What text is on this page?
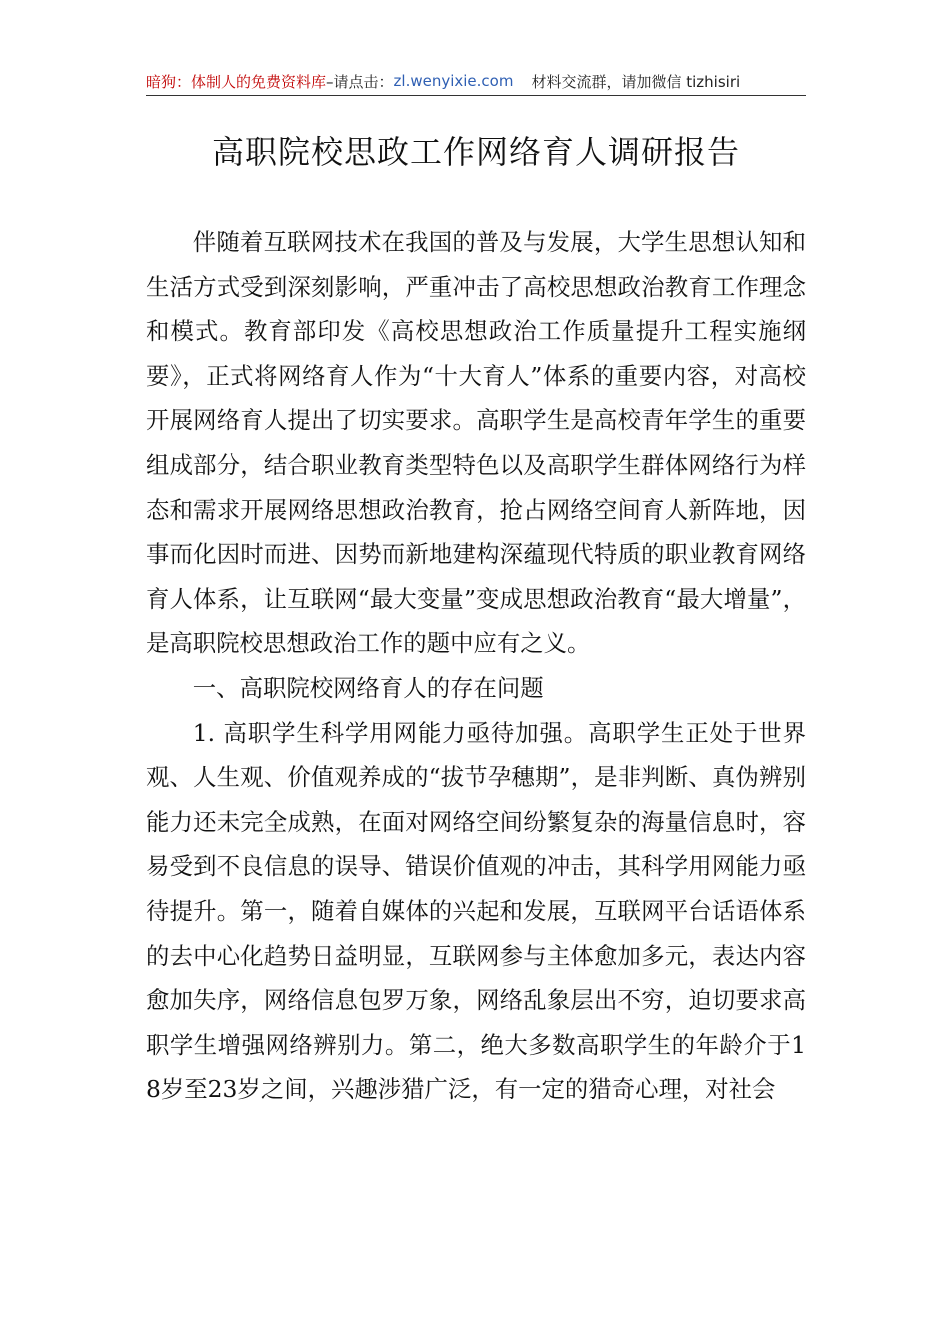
暗狗：体制人的免费资料库 –请点击： zl.wenyixie.com 材料交流群，请加微信 tizhisiri
高职院校思政工作网络育人调研报告

伴随着互联网技术在我国的普及与发展，大学生思想认知和生活方式受到深刻影响，严重冲击了高校思想政治教育工作理念和模式。教育部印发《高校思想政治工作质量提升工程实施纲要》，正式将网络育人作为“十大育人”体系的重要内容，对高校开展网络育人提出了切实要求。高职学生是高校青年学生的重要组成部分，结合职业教育类型特色以及高职学生群体网络行为样态和需求开展网络思想政治教育，抢占网络空间育人新阵地，因事而化因时而进、因势而新地建构深蕴现代特质的职业教育网络育人体系，让互联网“最大变量”变成思想政治教育“最大增量”，是高职院校思想政治工作的题中应有之义。

一、高职院校网络育人的存在问题

1. 高职学生科学用网能力亟待加强。高职学生正处于世界观、人生观、价值观养成的“拔节孕穗期”，是非判断、真伪辨别能力还未完全成熟，在面对网络空间纷繁复杂的海量信息时，容易受到不良信息的误导、错误价值观的冲击，其科学用网能力亟待提升。第一，随着自媒体的兴起和发展，互联网平台话语体系的去中心化趋势日益明显，互联网参与主体愈加多元，表达内容愈加失序，网络信息包罗万象，网络乱象层出不穷，迫切要求高职学生增强网络辨别力。第二，绝大多数高职学生的年龄介于18岁至23岁之间，兴趣涉猎广泛，有一定的猎奇心理，对社会
